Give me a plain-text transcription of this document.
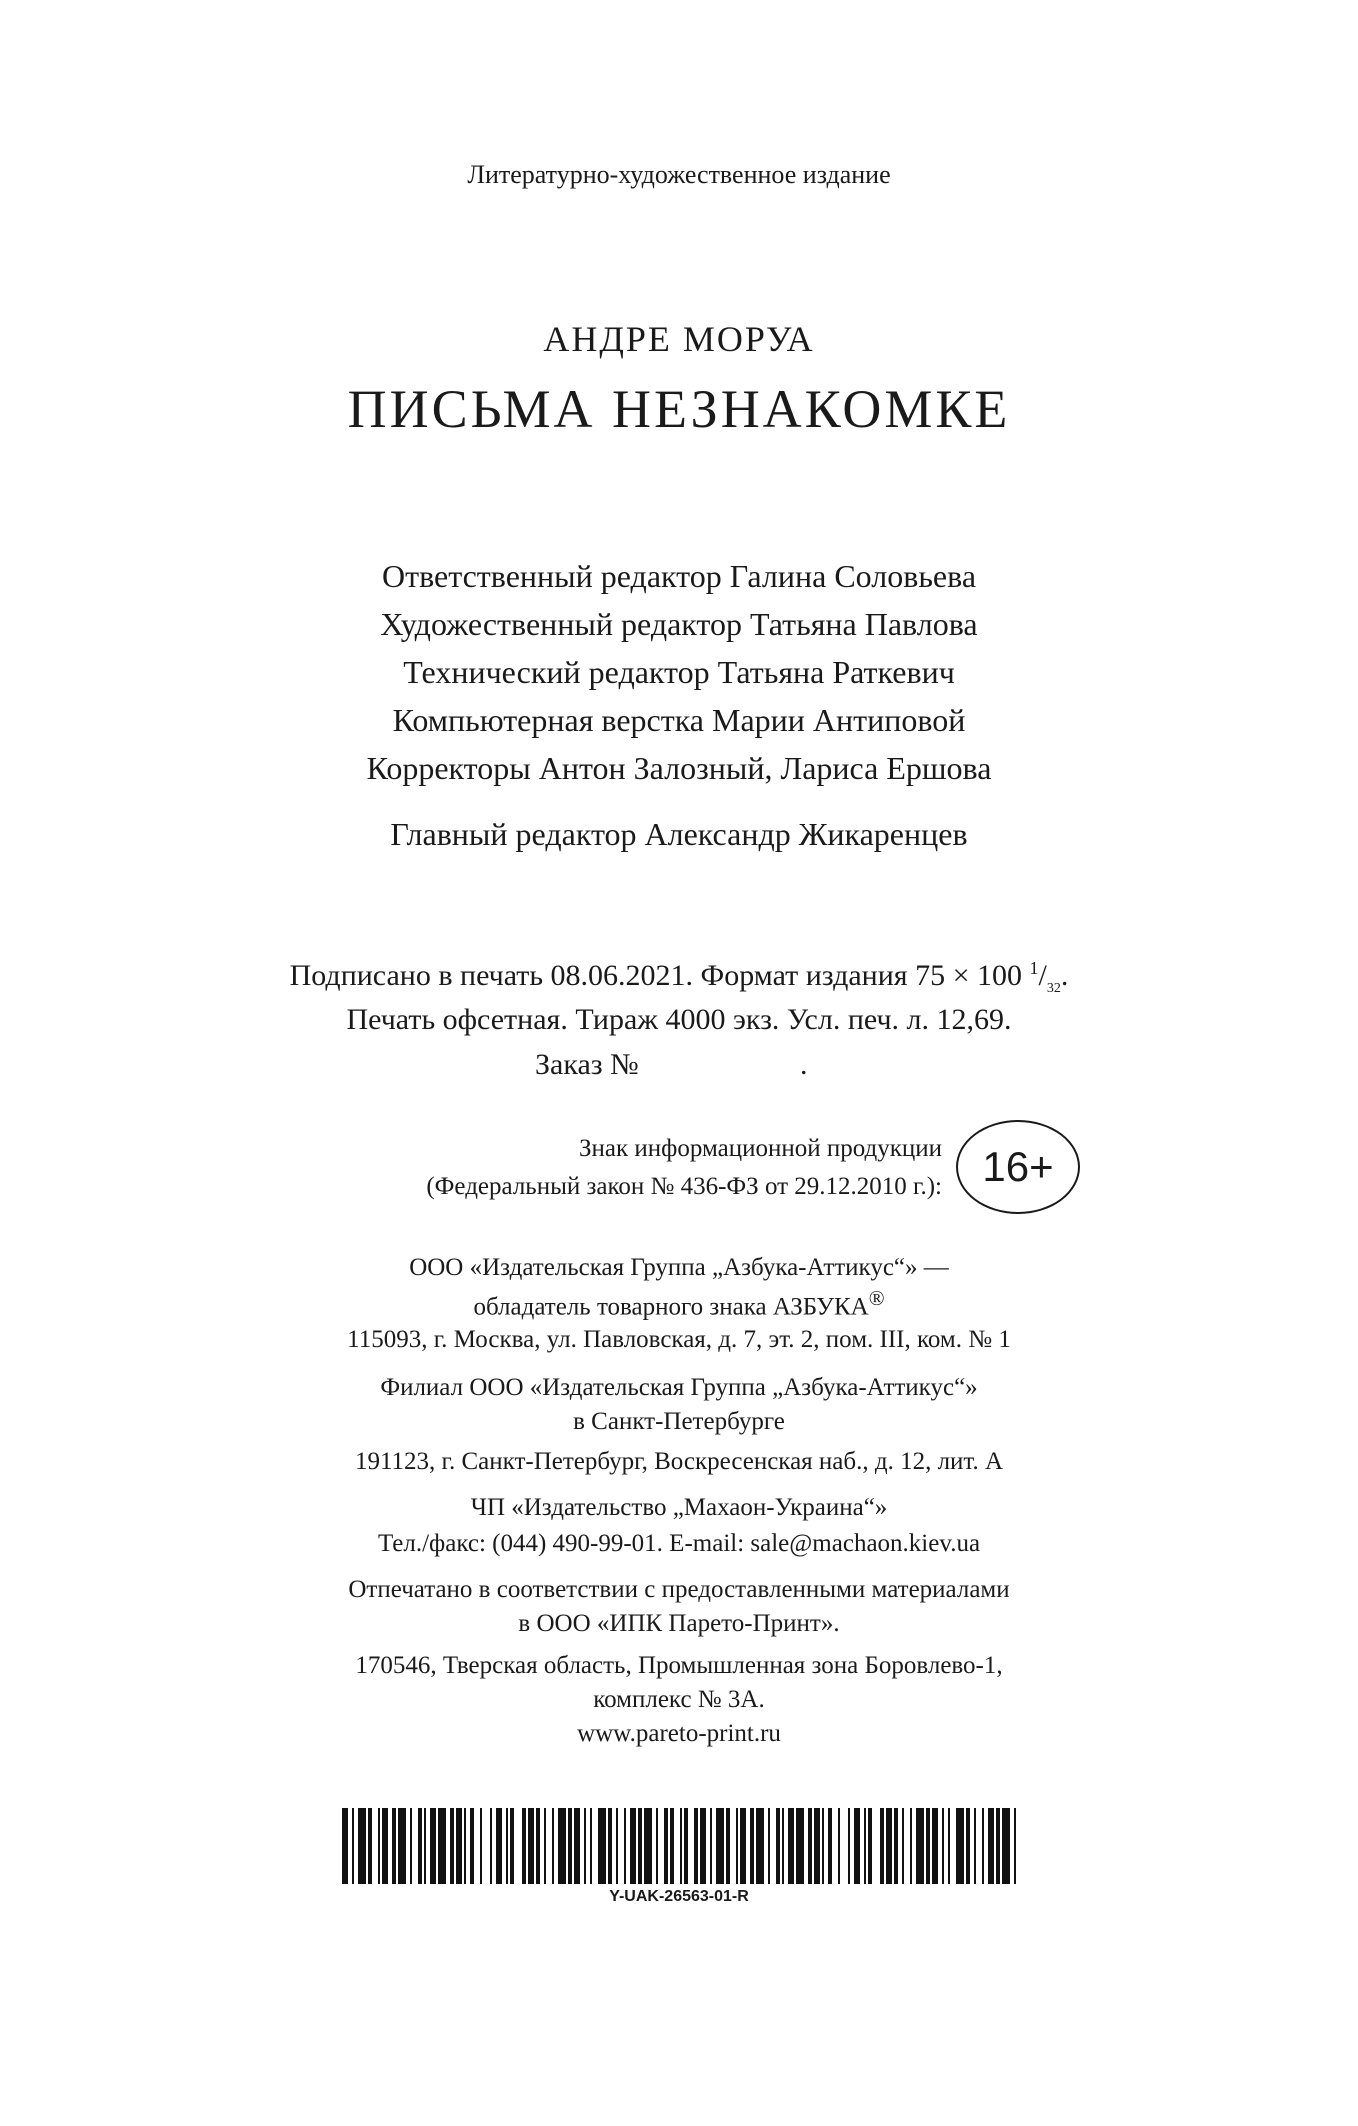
Литературно-художественное издание
АНДРЕ МОРУА
ПИСЬМА НЕЗНАКОМКЕ
Ответственный редактор Галина Соловьева
Художественный редактор Татьяна Павлова
Технический редактор Татьяна Раткевич
Компьютерная верстка Марии Антиповой
Корректоры Антон Залозный, Лариса Ершова
Главный редактор Александр Жикаренцев
Подписано в печать 08.06.2021. Формат издания 75 × 100 $^1/_{32}$.
Печать офсетная. Тираж 4000 экз. Усл. печ. л. 12,69.
Заказ №	.
Знак информационной продукции
(Федеральный закон № 436-ФЗ от 29.12.2010 г.): 16+
ООО «Издательская Группа „Азбука-Аттикус“» —
обладатель товарного знака АЗБУКА®
115093, г. Москва, ул. Павловская, д. 7, эт. 2, пом. III, ком. № 1
Филиал ООО «Издательская Группа „Азбука-Аттикус“»
в Санкт-Петербурге
191123, г. Санкт-Петербург, Воскресенская наб., д. 12, лит. А
ЧП «Издательство „Махаон-Украина“»
Тел./факс: (044) 490-99-01. E-mail: sale@machaon.kiev.ua
Отпечатано в соответствии с предоставленными материалами
в ООО «ИПК Парето-Принт».
170546, Тверская область, Промышленная зона Боровлево-1,
комплекс № 3А.
www.pareto-print.ru
Y-UAK-26563-01-R
